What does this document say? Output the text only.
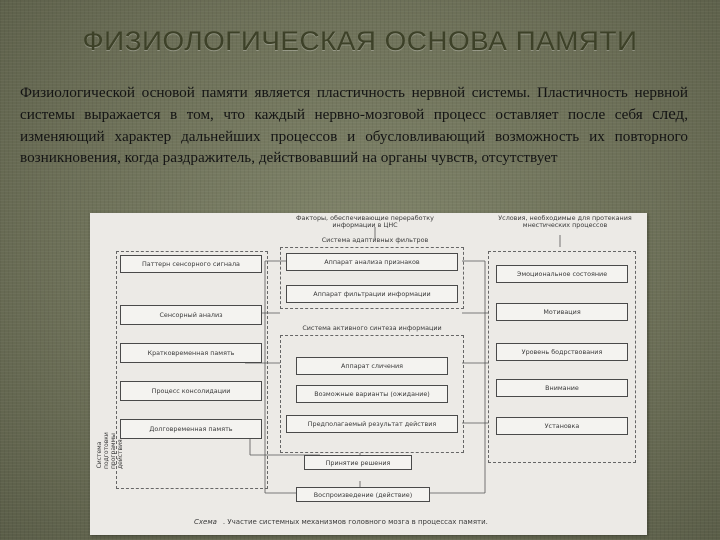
ФИЗИОЛОГИЧЕСКАЯ ОСНОВА ПАМЯТИ
Физиологической основой памяти является пластичность нервной системы. Пластичность нервной системы выражается в том, что каждый нервно-мозговой процесс оставляет после себя след, изменяющий характер дальнейших процессов и обусловливающий возможность их повторного возникновения, когда раздражитель, действовавший на органы чувств, отсутствует
Факторы, обеспечивающие переработку информации в ЦНС
Условия, необходимые для протекания мнестических процессов
Система подготовки программы действия
Паттерн сенсорного сигнала
Сенсорный анализ
Кратковременная память
Процесс консолидации
Долговременная память
Система адаптивных фильтров
Аппарат анализа признаков
Аппарат фильтрации информации
Система активного синтеза информации
Аппарат сличения
Возможные варианты (ожидание)
Предполагаемый результат действия
Принятие решения
Воспроизведение (действие)
Эмоциональное состояние
Мотивация
Уровень бодрствования
Внимание
Установка
Схема . Участие системных механизмов головного мозга в процессах памяти.
